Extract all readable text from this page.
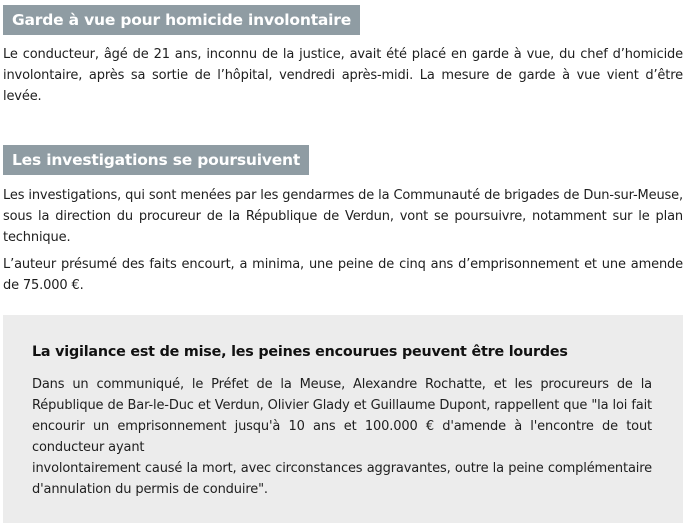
Garde à vue pour homicide involontaire

Le conducteur, âgé de 21 ans, inconnu de la justice, avait été placé en garde à vue, du chef d’homicide involontaire, après sa sortie de l’hôpital, vendredi après-midi. La mesure de garde à vue vient d’être levée.

Les investigations se poursuivent

Les investigations, qui sont menées par les gendarmes de la Communauté de brigades de Dun-sur-Meuse, sous la direction du procureur de la République de Verdun, vont se poursuivre, notamment sur le plan technique.

L’auteur présumé des faits encourt, a minima, une peine de cinq ans d’emprisonnement et une amende de 75.000 €.

La vigilance est de mise, les peines encourues peuvent être lourdes
Dans un communiqué, le Préfet de la Meuse, Alexandre Rochatte, et les procureurs de la République de Bar-le-Duc et Verdun, Olivier Glady et Guillaume Dupont, rappellent que "la loi fait encourir un emprisonnement jusqu'à 10 ans et 100.000 € d'amende à l'encontre de tout conducteur ayant
involontairement causé la mort, avec circonstances aggravantes, outre la peine complémentaire d'annulation du permis de conduire".
